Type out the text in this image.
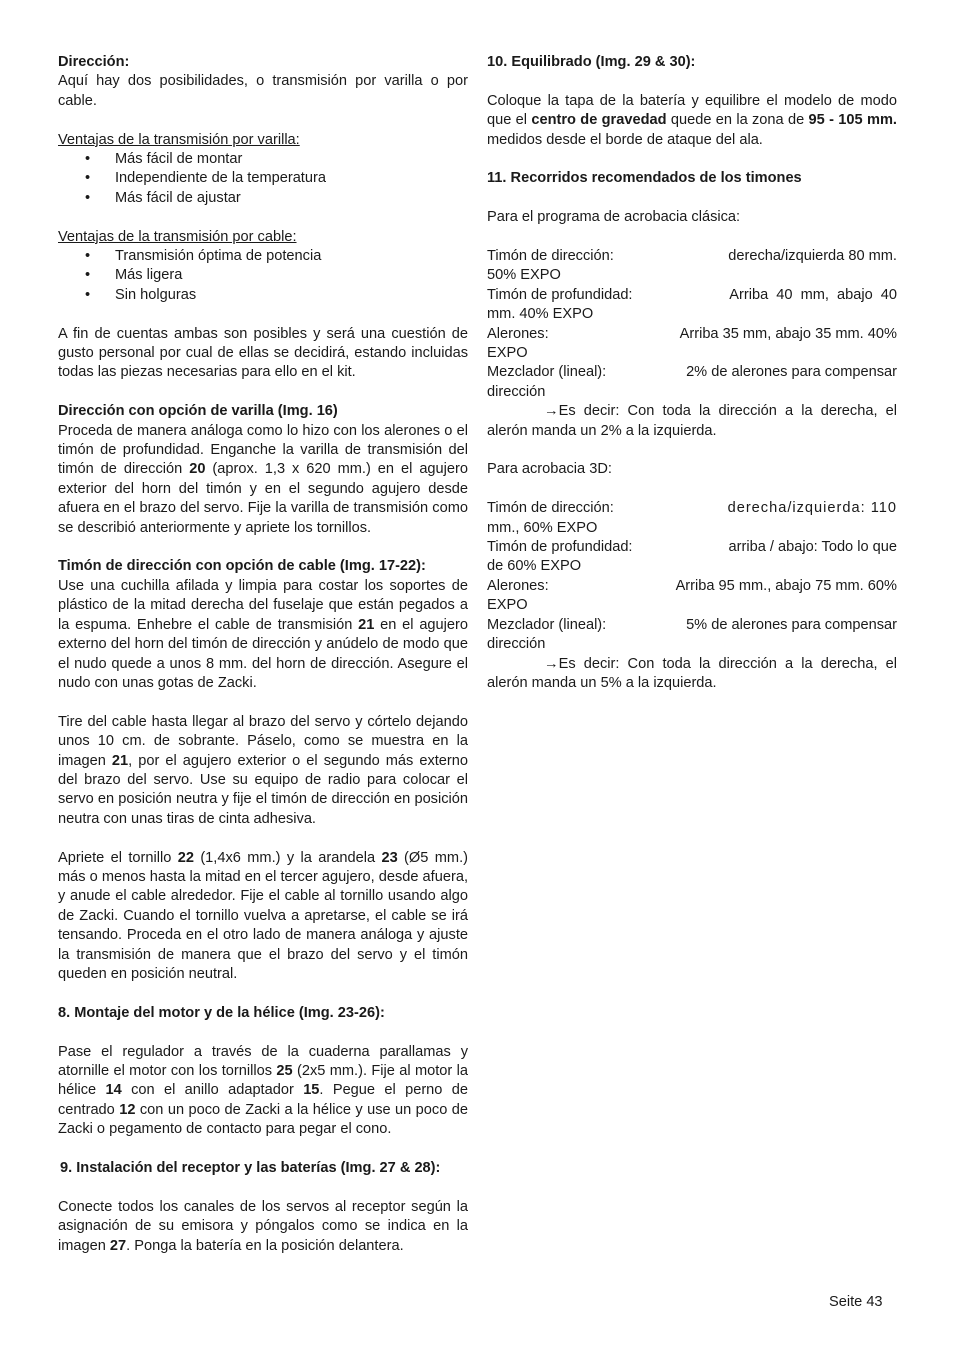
Dirección:

Aquí hay dos posibilidades, o transmisión por varilla o por cable.

Ventajas de la transmisión por varilla:

• Más fácil de montar
• Independiente de la temperatura
• Más fácil de ajustar

Ventajas de la transmisión por cable:

• Transmisión óptima de potencia
• Más ligera
• Sin holguras

A fin de cuentas ambas son posibles y será una cuestión de gusto personal por cual de ellas se decidirá, estando incluidas todas las piezas necesarias para ello en el kit.

Dirección con opción de varilla (Img. 16)

Proceda de manera análoga como lo hizo con los alerones o el timón de profundidad. Enganche la varilla de transmisión del timón de dirección 20 (aprox. 1,3 x 620 mm.) en el agujero exterior del horn del timón y en el segundo agujero desde afuera en el brazo del servo. Fije la varilla de transmisión como se describió anteriormente y apriete los tornillos.

Timón de dirección con opción de cable (Img. 17-22):

Use una cuchilla afilada y limpia para costar los soportes de plástico de la mitad derecha del fuselaje que están pegados a la espuma. Enhebre el cable de transmisión 21 en el agujero externo del horn del timón de dirección y anúdelo de modo que el nudo quede a unos 8 mm. del horn de dirección. Asegure el nudo con unas gotas de Zacki.

Tire del cable hasta llegar al brazo del servo y córtelo dejando unos 10 cm. de sobrante. Páselo, como se muestra en la imagen 21, por el agujero exterior o el segundo más externo del brazo del servo. Use su equipo de radio para colocar el servo en posición neutra y fije el timón de dirección en posición neutra con unas tiras de cinta adhesiva.

Apriete el tornillo 22 (1,4x6 mm.) y la arandela 23 (Ø5 mm.) más o menos hasta la mitad en el tercer agujero, desde afuera, y anude el cable alrededor. Fije el cable al tornillo usando algo de Zacki. Cuando el tornillo vuelva a apretarse, el cable se irá tensando. Proceda en el otro lado de manera análoga y ajuste la transmisión de manera que el brazo del servo y el timón queden en posición neutral.

8. Montaje del motor y de la hélice (Img. 23-26):

Pase el regulador a través de la cuaderna parallamas y atornille el motor con los tornillos 25 (2x5 mm.). Fije al motor la hélice 14 con el anillo adaptador 15. Pegue el perno de centrado 12 con un poco de Zacki a la hélice y use un poco de Zacki o pegamento de contacto para pegar el cono.

9. Instalación del receptor y las baterías (Img. 27 & 28):

Conecte todos los canales de los servos al receptor según la asignación de su emisora y póngalos como se indica en la imagen 27. Ponga la batería en la posición delantera.

10. Equilibrado (Img. 29 & 30):

Coloque la tapa de la batería y equilibre el modelo de modo que el centro de gravedad quede en la zona de 95 - 105 mm. medidos desde el borde de ataque del ala.

11. Recorridos recomendados de los timones

Para el programa de acrobacia clásica:

Timón de dirección:	derecha/izquierda 80 mm.

50% EXPO

Timón de profundidad:	Arriba 40 mm, abajo 40

mm. 40% EXPO

Alerones:	Arriba 35 mm, abajo 35 mm. 40%

EXPO

Mezclador (lineal):	2% de alerones para compensar

dirección

→Es decir: Con toda la dirección a la derecha, el alerón manda un 2% a la izquierda.

Para acrobacia 3D:

Timón de dirección:	derecha/izquierda: 110

mm., 60% EXPO

Timón de profundidad:	arriba / abajo: Todo lo que

de 60% EXPO

Alerones:	Arriba 95 mm., abajo 75 mm. 60%

EXPO

Mezclador (lineal):	5% de alerones para compensar

dirección

→Es decir: Con toda la dirección a la derecha, el alerón manda un 5% a la izquierda.

Seite 43
